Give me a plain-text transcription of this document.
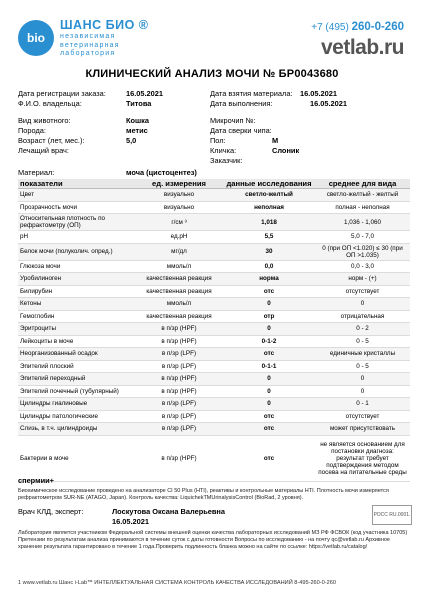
bio
ШАНС БИО ®
независимая
ветеринарная
лаборатория
+7 (495) 260-0-260
vetlab.ru
КЛИНИЧЕСКИЙ АНАЛИЗ МОЧИ № БР0043680
Дата регистрации заказа:	16.05.2021
Ф.И.О. владельца:	Титова
Вид животного:	Кошка
Порода:	метис
Возраст (лет, мес.):	5,0
Лечащий врач:
Дата взятия материала: 16.05.2021
Дата выполнения:	16.05.2021
Микрочип №:
Дата сверки чипа:
Пол:	М
Кличка:	Слоник
Заказчик:
Материал:	моча (цистоцентез)
показатели	ед. измерения	данные исследования	среднее для вида
Цвет	визуально	светло-желтый	светло-желтый - желтый
Прозрачность мочи	визуально	неполная	полная - неполная
Относительная плотность по рефрактометру (ОП)	г/см ³	1,018	1,036 - 1,060
pH	ед.pH	5,5	5,0 - 7,0
Белок мочи (полуколич. опред.)	мг/дл	30	0 (при ОП <1.020) ≤ 30 (при ОП >1.035)
Глюкоза мочи	ммоль/л	0,0	0,0 - 3,0
Уробилиноген	качественная реакция	норма	норм - (+)
Билирубин	качественная реакция	отс	отсутствует
Кетоны	ммоль/л	0	0
Гемоглобин	качественная реакция	отр	отрицательная
Эритроциты	в п/зр (HPF)	0	0 - 2
Лейкоциты в моче	в п/зр (HPF)	0-1-2	0 - 5
Неорганизованный осадок	в п/зр (LPF)	отс	единичные кристаллы
Эпителий плоский	в п/зр (LPF)	0-1-1	0 - 5
Эпителий переходный	в п/зр (HPF)	0	0
Эпителий почечный (тубулярный)	в п/зр (HPF)	0	0
Цилиндры гиалиновые	в п/зр (LPF)	0	0 - 1
Цилиндры патологические	в п/зр (LPF)	отс	отсутствует
Слизь, в т.ч. цилиндроиды	в п/зр (LPF)	отс	может присутствовать
Бактерии в моче	в п/зр (HPF)	отс	не является основанием для постановки диагноза: результат требует подтверждения методом посева на питательные среды
спермии+
Биохимическое исследование проведено на анализаторе CI 50 Plus (HTI), реактивы и контрольные материалы HTI. Плотность мочи измеряется рефрактометром SUR-NE (ATAGO, Japan). Контроль качества: LiquichekTMUrinalysisControl (BioRad, 2 уровня).
Врач КЛД, эксперт:	Лоскутова Оксана Валерьевна
16.05.2021
РОСС RU.0001.
Лаборатория является участником Федеральной системы внешней оценки качества лабораторных исследований МЗ РФ ФСВОК (код участника 10705) Претензии по результатам анализа принимаются в течение суток с даты готовности Вопросы по исследованию - на почту qc@vetlab.ru Архивное хранение результата гарантировано в течение 1 года.Проверить подлинность бланка можно на сайте по ссылке: https://vetlab.ru/catalog/
1 www.vetlab.ru Шанс i-Lab™ ИНТЕЛЛЕКТУАЛЬНАЯ СИСТЕМА КОНТРОЛЬ КАЧЕСТВА ИССЛЕДОВАНИЙ 8-495-260-0-260
